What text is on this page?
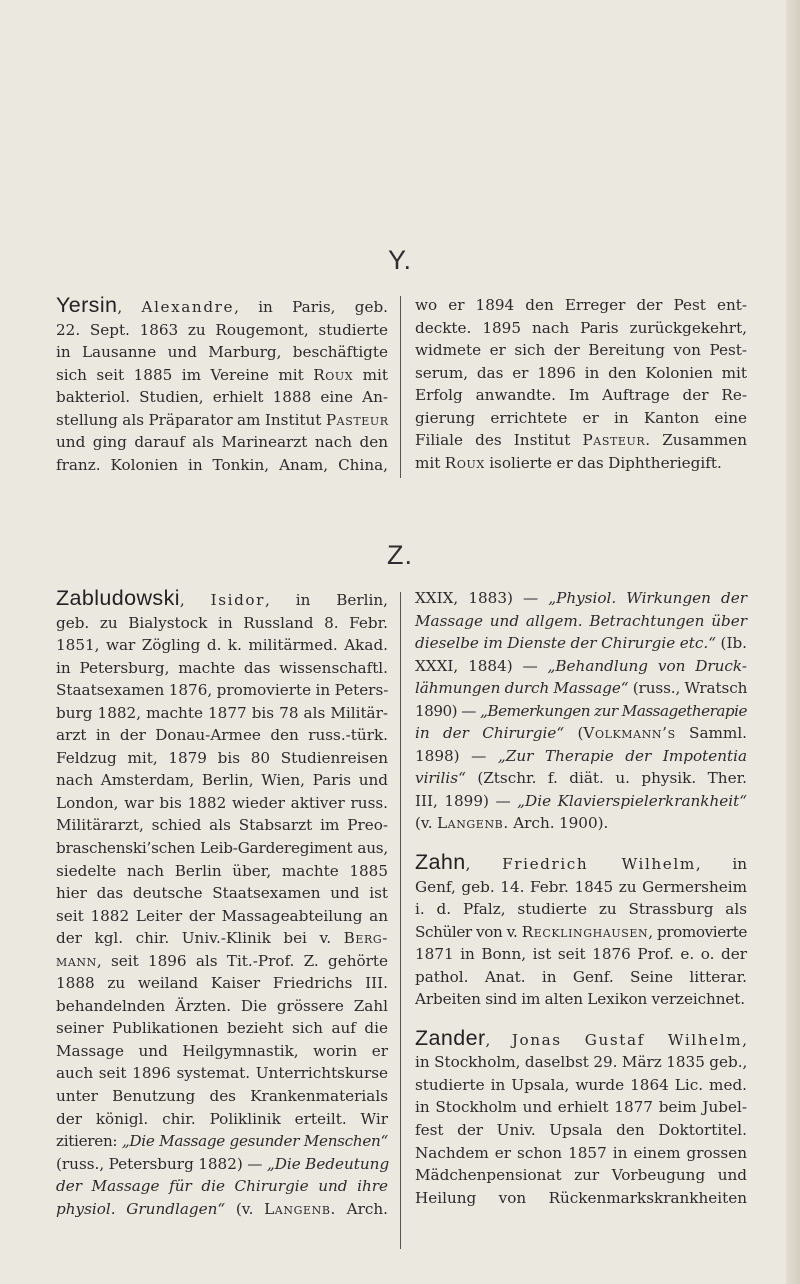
Y.
Yersin, Alexandre, in Paris, geb.
22. Sept. 1863 zu Rougemont, studierte
in Lausanne und Marburg, beschäftigte
sich seit 1885 im Vereine mit Roux mit
bakteriol. Studien, erhielt 1888 eine An-
stellung als Präparator am Institut Pasteur
und ging darauf als Marinearzt nach den
franz. Kolonien in Tonkin, Anam, China,
wo er 1894 den Erreger der Pest ent-
deckte. 1895 nach Paris zurückgekehrt,
widmete er sich der Bereitung von Pest-
serum, das er 1896 in den Kolonien mit
Erfolg anwandte. Im Auftrage der Re-
gierung errichtete er in Kanton eine
Filiale des Institut Pasteur. Zusammen
mit Roux isolierte er das Diphtheriegift.
Z.
Zabludowski, Isidor, in Berlin,
geb. zu Bialystock in Russland 8. Febr.
1851, war Zögling d. k. militärmed. Akad.
in Petersburg, machte das wissenschaftl.
Staatsexamen 1876, promovierte in Peters-
burg 1882, machte 1877 bis 78 als Militär-
arzt in der Donau-Armee den russ.-türk.
Feldzug mit, 1879 bis 80 Studienreisen
nach Amsterdam, Berlin, Wien, Paris und
London, war bis 1882 wieder aktiver russ.
Militärarzt, schied als Stabsarzt im Preo-
braschenski’schen Leib-Garderegiment aus,
siedelte nach Berlin über, machte 1885
hier das deutsche Staatsexamen und ist
seit 1882 Leiter der Massageabteilung an
der kgl. chir. Univ.-Klinik bei v. Berg-
mann, seit 1896 als Tit.-Prof. Z. gehörte
1888 zu weiland Kaiser Friedrichs III.
behandelnden Ärzten. Die grössere Zahl
seiner Publikationen bezieht sich auf die
Massage und Heilgymnastik, worin er
auch seit 1896 systemat. Unterrichtskurse
unter Benutzung des Krankenmaterials
der königl. chir. Poliklinik erteilt. Wir
zitieren: „Die Massage gesunder Menschen“
(russ., Petersburg 1882) — „Die Bedeutung
der Massage für die Chirurgie und ihre
physiol. Grundlagen“ (v. Langenb. Arch.
XXIX, 1883) — „Physiol. Wirkungen der
Massage und allgem. Betrachtungen über
dieselbe im Dienste der Chirurgie etc.“ (Ib.
XXXI, 1884) — „Behandlung von Druck-
lähmungen durch Massage“ (russ., Wratsch
1890) — „Bemerkungen zur Massagetherapie
in der Chirurgie“ (Volkmann’s Samml.
1898) — „Zur Therapie der Impotentia
virilis“ (Ztschr. f. diät. u. physik. Ther.
III, 1899) — „Die Klavierspielerkrankheit“
(v. Langenb. Arch. 1900).
Zahn, Friedrich Wilhelm, in
Genf, geb. 14. Febr. 1845 zu Germersheim
i. d. Pfalz, studierte zu Strassburg als
Schüler von v. Recklinghausen, promovierte
1871 in Bonn, ist seit 1876 Prof. e. o. der
pathol. Anat. in Genf. Seine litterar.
Arbeiten sind im alten Lexikon verzeichnet.
Zander, Jonas Gustaf Wilhelm,
in Stockholm, daselbst 29. März 1835 geb.,
studierte in Upsala, wurde 1864 Lic. med.
in Stockholm und erhielt 1877 beim Jubel-
fest der Univ. Upsala den Doktortitel.
Nachdem er schon 1857 in einem grossen
Mädchenpensionat zur Vorbeugung und
Heilung von Rückenmarkskrankheiten
